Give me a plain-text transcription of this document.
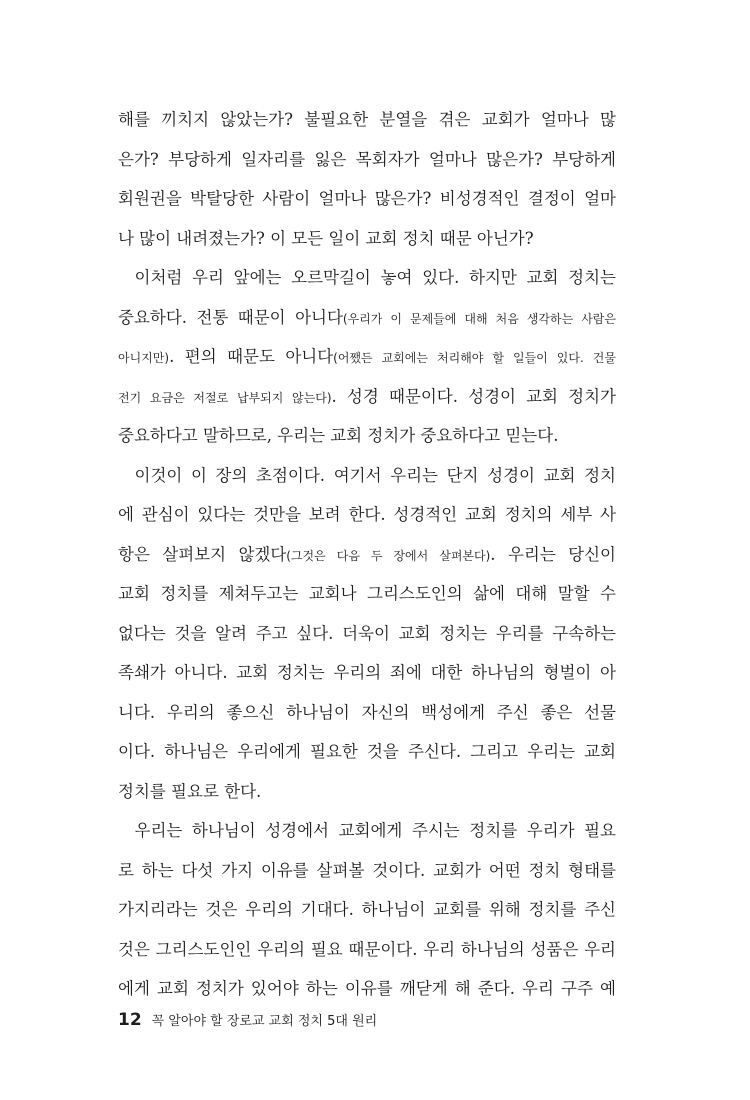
해를 끼치지 않았는가? 불필요한 분열을 겪은 교회가 얼마나 많
은가? 부당하게 일자리를 잃은 목회자가 얼마나 많은가? 부당하게
회원권을 박탈당한 사람이 얼마나 많은가? 비성경적인 결정이 얼마
나 많이 내려졌는가? 이 모든 일이 교회 정치 때문 아닌가?
이처럼 우리 앞에는 오르막길이 놓여 있다. 하지만 교회 정치는
중요하다. 전통 때문이 아니다(우리가 이 문제들에 대해 처음 생각하는 사람은
아니지만). 편의 때문도 아니다(어쨌든 교회에는 처리해야 할 일들이 있다. 건물
전기 요금은 저절로 납부되지 않는다). 성경 때문이다. 성경이 교회 정치가
중요하다고 말하므로, 우리는 교회 정치가 중요하다고 믿는다.
이것이 이 장의 초점이다. 여기서 우리는 단지 성경이 교회 정치
에 관심이 있다는 것만을 보려 한다. 성경적인 교회 정치의 세부 사
항은 살펴보지 않겠다(그것은 다음 두 장에서 살펴본다). 우리는 당신이
교회 정치를 제쳐두고는 교회나 그리스도인의 삶에 대해 말할 수
없다는 것을 알려 주고 싶다. 더욱이 교회 정치는 우리를 구속하는
족쇄가 아니다. 교회 정치는 우리의 죄에 대한 하나님의 형벌이 아
니다. 우리의 좋으신 하나님이 자신의 백성에게 주신 좋은 선물
이다. 하나님은 우리에게 필요한 것을 주신다. 그리고 우리는 교회
정치를 필요로 한다.
우리는 하나님이 성경에서 교회에게 주시는 정치를 우리가 필요
로 하는 다섯 가지 이유를 살펴볼 것이다. 교회가 어떤 정치 형태를
가지리라는 것은 우리의 기대다. 하나님이 교회를 위해 정치를 주신
것은 그리스도인인 우리의 필요 때문이다. 우리 하나님의 성품은 우리
에게 교회 정치가 있어야 하는 이유를 깨닫게 해 준다. 우리 구주 예
12 꼭 알아야 할 장로교 교회 정치 5대 원리
